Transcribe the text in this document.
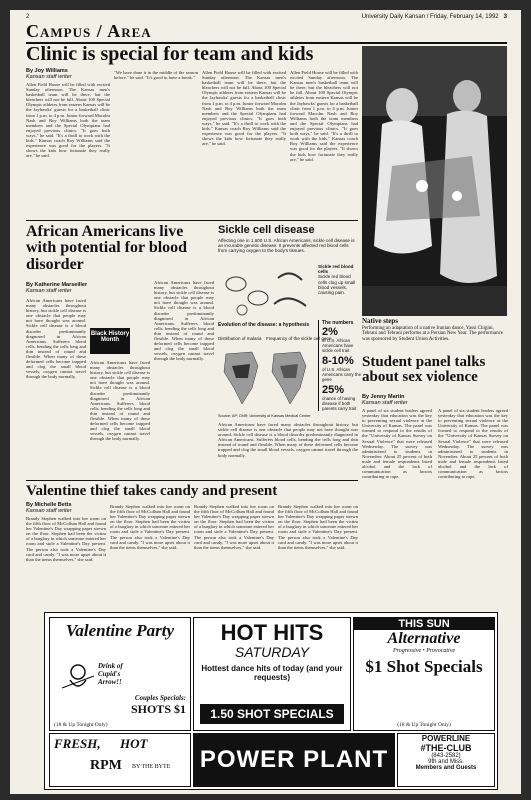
2	University Daily Kansan / Friday, February 14, 1992 3
Campus / Area
Clinic is special for team and kids
By Joy Williams
Kansan staff writer
Allen Field House will be filled with excited Sunday afternoon. The Kansas men's basketball team will be there, but the bleachers will not be full. About 100 Special Olympic athletes from eastern Kansas will be the Jayhawks' guests for a basketball clinic from 1 p.m. to 4 p.m. Junior forward Macolm Nash and Roy Williams both the team members and the Special Olympians had enjoyed previous clinics. "It goes both ways," he said. "It's a thrill to work with the kids." Kansas coach Roy Williams said the experience was good for the players. "It shows the kids how fortunate they really are," he said.
"We have done it in the middle of the season before," he said. "It's good to have a break."
Allen Field House will be filled with excited Sunday afternoon. The Kansas men's basketball team will be there, but the bleachers will not be full. About 100 Special Olympic athletes from eastern Kansas will be the Jayhawks' guests for a basketball clinic from 1 p.m. to 4 p.m. Junior forward Macolm Nash and Roy Williams both the team members and the Special Olympians had enjoyed previous clinics. "It goes both ways," he said. "It's a thrill to work with the kids." Kansas coach Roy Williams said the experience was good for the players. "It shows the kids how fortunate they really are," he said.
Allen Field House will be filled with excited Sunday afternoon. The Kansas men's basketball team will be there, but the bleachers will not be full. About 100 Special Olympic athletes from eastern Kansas will be the Jayhawks' guests for a basketball clinic from 1 p.m. to 4 p.m. Junior forward Macolm Nash and Roy Williams both the team members and the Special Olympians had enjoyed previous clinics. "It goes both ways," he said. "It's a thrill to work with the kids." Kansas coach Roy Williams said the experience was good for the players. "It shows the kids how fortunate they really are," he said.
Native steps
Performing an adaptation of a native Iranian dance, Yassi Chigini, Tehrani and Tehrani performs at a Persian New Year. The performance was sponsored by Student Union Activities.
African Americans live with potential for blood disorder
By Katherine Marseiller
Kansan staff writer
African Americans have faced many obstacles throughout history, but sickle cell disease is one obstacle that people may not have thought was around. Sickle cell disease is a blood disorder predominantly diagnosed in African Americans. Sufferers blood cells, bending the cells long and thin instead of round and flexible. When many of these deformed cells become trapped and clog the small blood vessels, oxygen cannot travel through the body normally.
Black History Month
African Americans have faced many obstacles throughout history, but sickle cell disease is one obstacle that people may not have thought was around. Sickle cell disease is a blood disorder predominantly diagnosed in African Americans. Sufferers blood cells, bending the cells long and thin instead of round and flexible. When many of these deformed cells become trapped and clog the small blood vessels, oxygen cannot travel through the body normally.
African Americans have faced many obstacles throughout history, but sickle cell disease is one obstacle that people may not have thought was around. Sickle cell disease is a blood disorder predominantly diagnosed in African Americans. Sufferers blood cells, bending the cells long and thin instead of round and flexible. When many of these deformed cells become trapped and clog the small blood vessels, oxygen cannot travel through the body normally.
Sickle cell disease
Affecting one in 1,600 U.S. African Americans, sickle cell disease is an incurable genetic disease. It prevents affected red blood cells from carrying oxygen to the body's tissues.
Sickle red blood cells
Sickle red blood cells clog up small blood vessels, causing pain.
Evolution of the disease: a hypothesis
Distribution of malaria Frequency of the sickle cell gene
The numbers
2%
of U.S. African Americans have sickle cell trait
8-10%
of U.S. African Americans carry the gene
25%
chance of having disease if both parents carry trait
Source: AP; DNR; University of Kansas Medical Center
African Americans have faced many obstacles throughout history, but sickle cell disease is one obstacle that people may not have thought was around. Sickle cell disease is a blood disorder predominantly diagnosed in African Americans. Sufferers blood cells, bending the cells long and thin instead of round and flexible. When many of these deformed cells become trapped and clog the small blood vessels, oxygen cannot travel through the body normally.
Student panel talks about sex violence
By Jenny Martin
Kansan staff writer
A panel of six student leaders agreed yesterday that education was the key to preventing sexual violence at the University of Kansas. The panel was formed to respond to the results of the "University of Kansas Survey on Sexual Violence" that were released Wednesday. The survey was administered to students in November. About 25 percent of both male and female respondents listed alcohol and the lack of communication as factors contributing to rape.
A panel of six student leaders agreed yesterday that education was the key to preventing sexual violence at the University of Kansas. The panel was formed to respond to the results of the "University of Kansas Survey on Sexual Violence" that were released Wednesday. The survey was administered to students in November. About 25 percent of both male and female respondents listed alcohol and the lack of communication as factors contributing to rape.
Valentine thief takes candy and present
By Michelle Betts
Kansan staff writer
Brandy Stephen walked into her room on the fifth floor of McCollum Hall and found her Valentine's Day wrapping paper strewn on the floor. Stephen had been the victim of a burglary in which someone entered her room and stole a Valentine's Day present. The person also took a Valentine's Day card and candy. "I was more upset about it than the items themselves," she said.
Brandy Stephen walked into her room on the fifth floor of McCollum Hall and found her Valentine's Day wrapping paper strewn on the floor. Stephen had been the victim of a burglary in which someone entered her room and stole a Valentine's Day present. The person also took a Valentine's Day card and candy. "I was more upset about it than the items themselves," she said.
Brandy Stephen walked into her room on the fifth floor of McCollum Hall and found her Valentine's Day wrapping paper strewn on the floor. Stephen had been the victim of a burglary in which someone entered her room and stole a Valentine's Day present. The person also took a Valentine's Day card and candy. "I was more upset about it than the items themselves," she said.
Brandy Stephen walked into her room on the fifth floor of McCollum Hall and found her Valentine's Day wrapping paper strewn on the floor. Stephen had been the victim of a burglary in which someone entered her room and stole a Valentine's Day present. The person also took a Valentine's Day card and candy. "I was more upset about it than the items themselves," she said.
Valentine Party
Drink of Cupid's Arrow!!
Couples Specials:
SHOTS $1
(18 & Up Tonight Only)
HOT HITS
SATURDAY
Hottest dance hits of today (and your requests)
1.50 SHOT SPECIALS
THIS SUN
Alternative
Progressive • Provocative
$1 Shot Specials
(18 & Up Tonight Only)
FRESH, HOT
RPM BY THE BYTE POWER PLANT
POWERLINE
#THE-CLUB
(843-2582)
9th and Miss.
Members and Guests
